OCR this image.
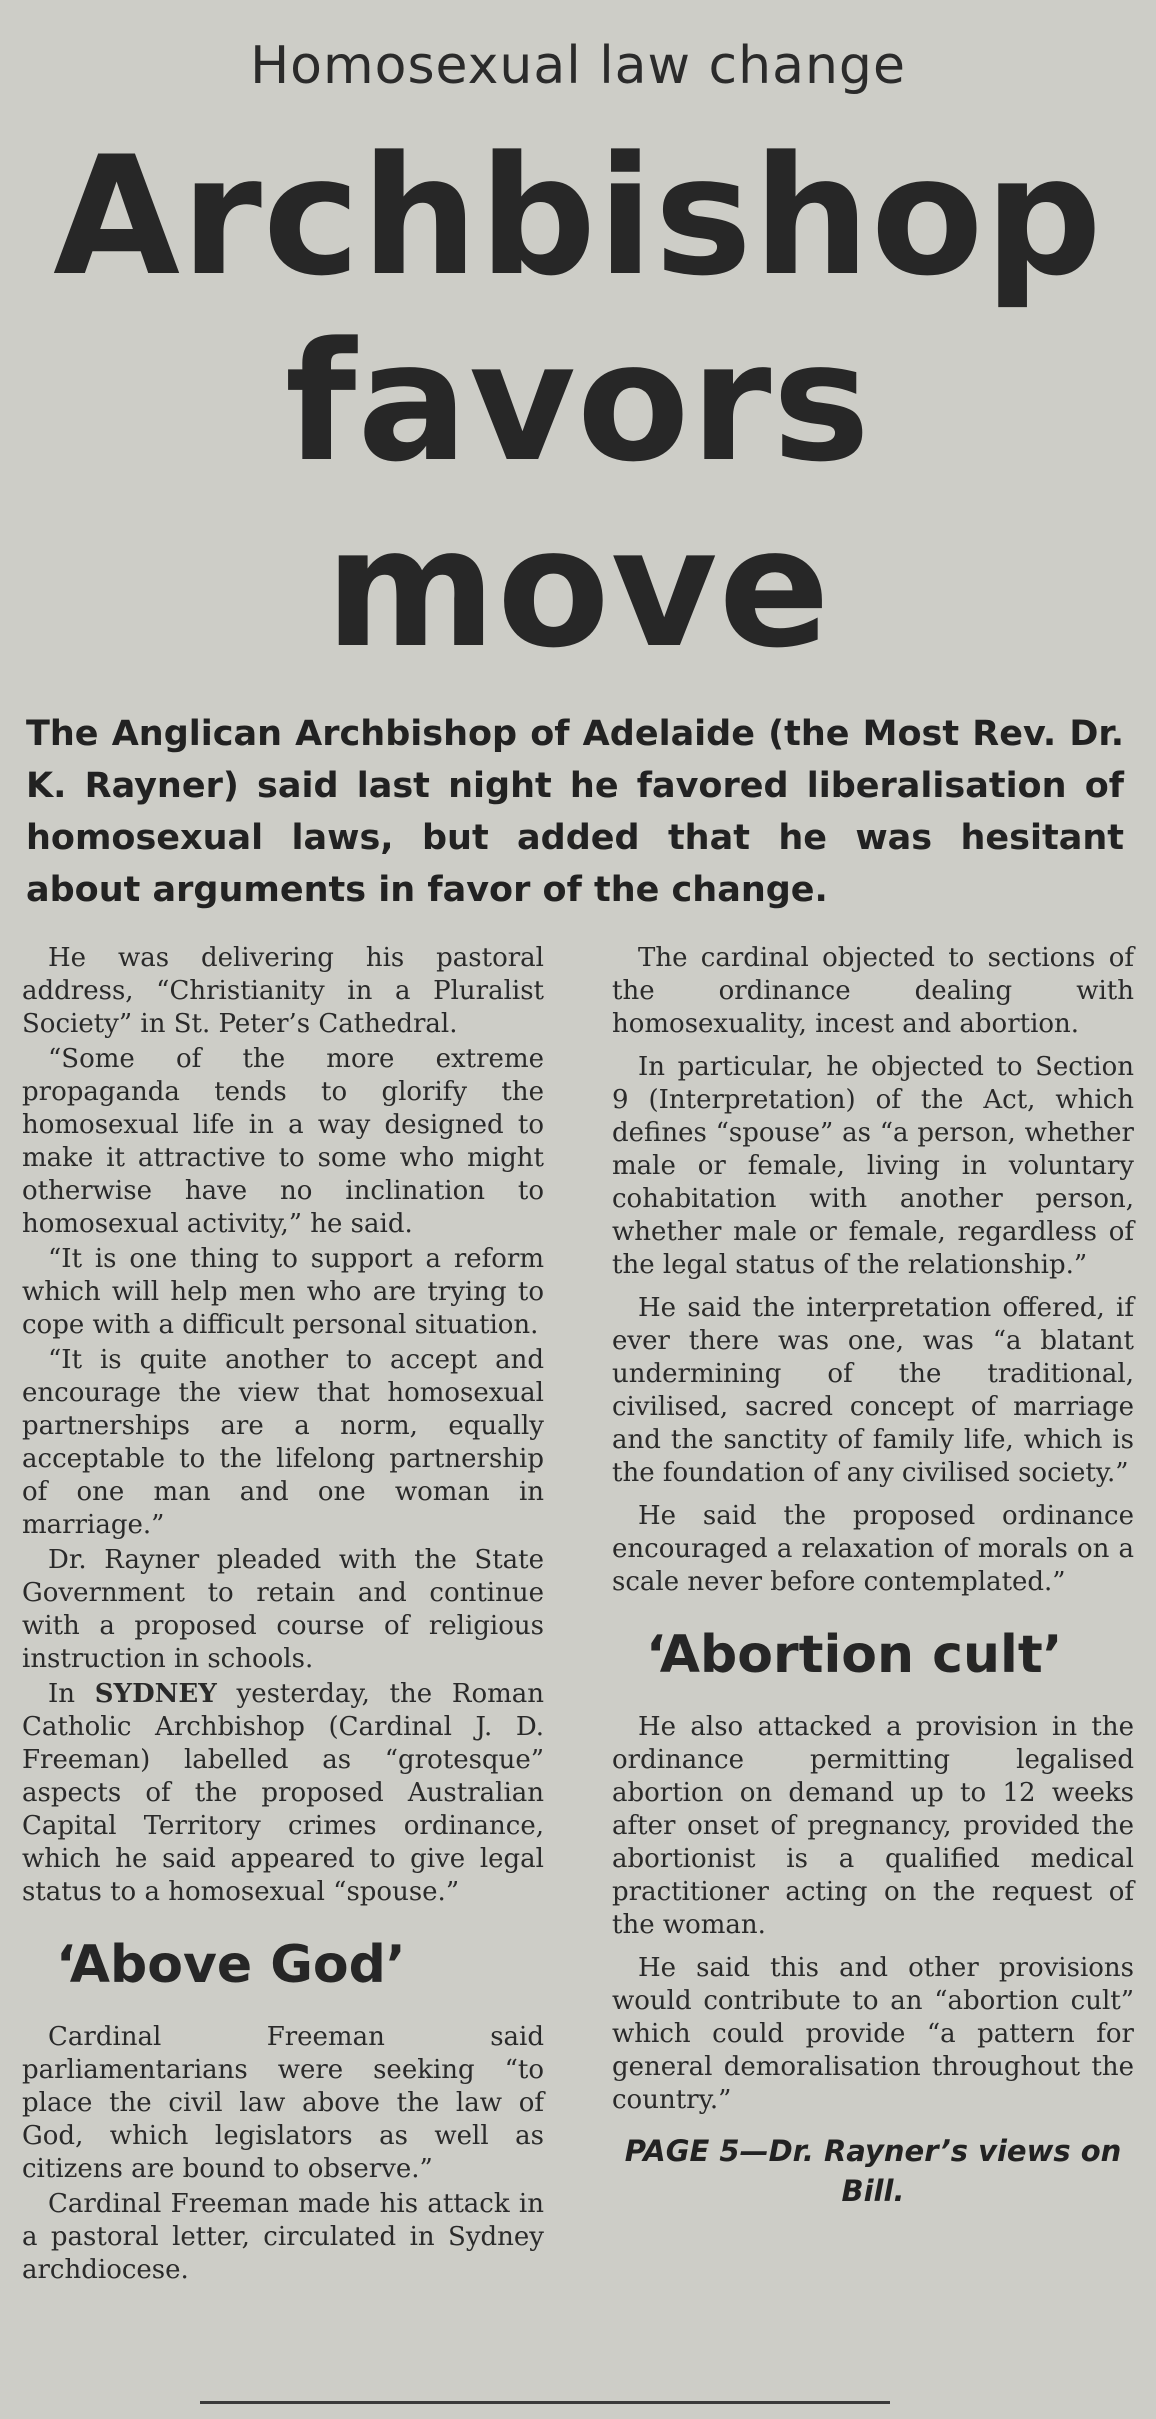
Homosexual law change
Archbishop
favors move

The Anglican Archbishop of Adelaide (the Most Rev. Dr. K. Rayner) said last night he favored liberalisation of homosexual laws, but added that he was hesitant about arguments in favor of the change.

He was delivering his pastoral address, “Christianity in a Pluralist Society” in St. Peter’s Cathedral.

“Some of the more extreme propaganda tends to glorify the homosexual life in a way designed to make it attractive to some who might otherwise have no inclination to homosexual activity,” he said.

“It is one thing to support a reform which will help men who are trying to cope with a difficult personal situation.

“It is quite another to accept and encourage the view that homosexual partnerships are a norm, equally acceptable to the lifelong partnership of one man and one woman in marriage.”

Dr. Rayner pleaded with the State Government to retain and continue with a proposed course of religious instruction in schools.

In SYDNEY yesterday, the Roman Catholic Archbishop (Cardinal J. D. Freeman) labelled as “grotesque” aspects of the proposed Australian Capital Territory crimes ordinance, which he said appeared to give legal status to a homosexual “spouse.”

‘Above God’

Cardinal Freeman said parliamentarians were seeking “to place the civil law above the law of God, which legislators as well as citizens are bound to observe.”

Cardinal Freeman made his attack in a pastoral letter, circulated in Sydney archdiocese.

The cardinal objected to sections of the ordinance dealing with homosexuality, incest and abortion.

In particular, he objected to Section 9 (Interpretation) of the Act, which defines “spouse” as “a person, whether male or female, living in voluntary cohabitation with another person, whether male or female, regardless of the legal status of the relationship.”

He said the interpretation offered, if ever there was one, was “a blatant undermining of the traditional, civilised, sacred concept of marriage and the sanctity of family life, which is the foundation of any civilised society.”

He said the proposed ordinance encouraged a relaxation of morals on a scale never before contemplated.”

‘Abortion cult’

He also attacked a provision in the ordinance permitting legalised abortion on demand up to 12 weeks after onset of pregnancy, provided the abortionist is a qualified medical practitioner acting on the request of the woman.

He said this and other provisions would contribute to an “abortion cult” which could provide “a pattern for general demoralisation throughout the country.”

PAGE 5—Dr. Rayner’s views on Bill.
